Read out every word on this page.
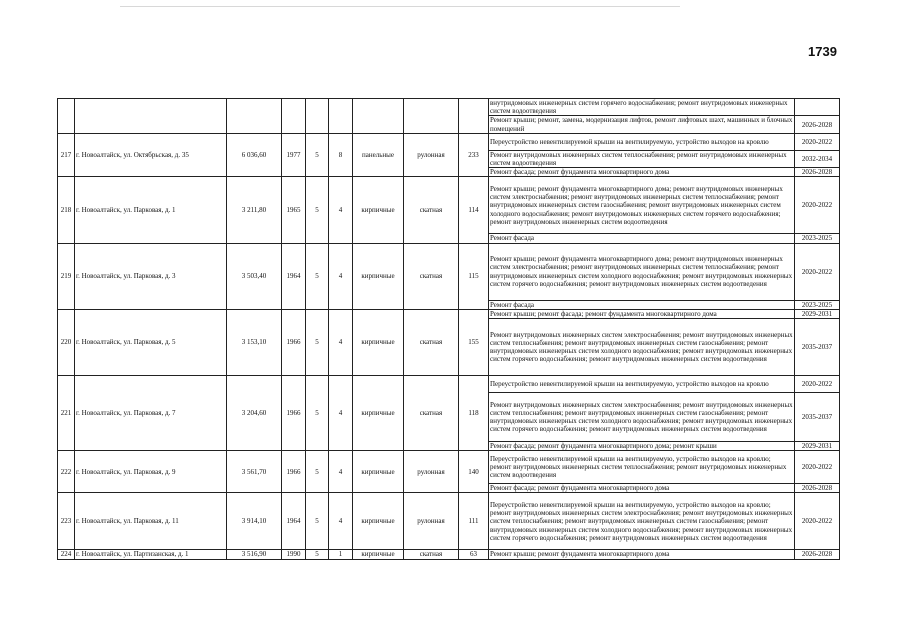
1739
									внутридомовых инженерных систем горячего водоснабжения; ремонт внутридомовых инженерных систем водоотведения	
									Ремонт крыши; ремонт, замена, модернизация лифтов, ремонт лифтовых шахт, машинных и блочных помещений	2026-2028
217	г. Новоалтайск, ул. Октябрьская, д. 35	6 036,60	1977	5	8	панельные	рулонная	233	Переустройство невентилируемой крыши на вентилируемую, устройство выходов на кровлю	2020-2022
									Ремонт внутридомовых инженерных систем теплоснабжения; ремонт внутридомовых инженерных систем водоотведения	2032-2034
									Ремонт фасада; ремонт фундамента многоквартирного дома	2026-2028
218	г. Новоалтайск, ул. Парковая, д. 1	3 211,80	1965	5	4	кирпичные	скатная	114	Ремонт крыши; ремонт фундамента многоквартирного дома; ремонт внутридомовых инженерных систем электроснабжения; ремонт внутридомовых инженерных систем теплоснабжения; ремонт внутридомовых инженерных систем газоснабжения; ремонт внутридомовых инженерных систем холодного водоснабжения; ремонт внутридомовых инженерных систем горячего водоснабжения; ремонт внутридомовых инженерных систем водоотведения	2020-2022
									Ремонт фасада	2023-2025
219	г. Новоалтайск, ул. Парковая, д. 3	3 503,40	1964	5	4	кирпичные	скатная	115	Ремонт крыши; ремонт фундамента многоквартирного дома; ремонт внутридомовых инженерных систем электроснабжения; ремонт внутридомовых инженерных систем теплоснабжения; ремонт внутридомовых инженерных систем холодного водоснабжения; ремонт внутридомовых инженерных систем горячего водоснабжения; ремонт внутридомовых инженерных систем водоотведения	2020-2022
									Ремонт фасада	2023-2025
220	г. Новоалтайск, ул. Парковая, д. 5	3 153,10	1966	5	4	кирпичные	скатная	155	Ремонт крыши; ремонт фасада; ремонт фундамента многоквартирного дома	2029-2031
									Ремонт внутридомовых инженерных систем электроснабжения; ремонт внутридомовых инженерных систем теплоснабжения; ремонт внутридомовых инженерных систем газоснабжения; ремонт внутридомовых инженерных систем холодного водоснабжения; ремонт внутридомовых инженерных систем горячего водоснабжения; ремонт внутридомовых инженерных систем водоотведения	2035-2037
221	г. Новоалтайск, ул. Парковая, д. 7	3 204,60	1966	5	4	кирпичные	скатная	118	Переустройство невентилируемой крыши на вентилируемую, устройство выходов на кровлю	2020-2022
									Ремонт внутридомовых инженерных систем электроснабжения; ремонт внутридомовых инженерных систем теплоснабжения; ремонт внутридомовых инженерных систем газоснабжения; ремонт внутридомовых инженерных систем холодного водоснабжения; ремонт внутридомовых инженерных систем горячего водоснабжения; ремонт внутридомовых инженерных систем водоотведения	2035-2037
									Ремонт фасада; ремонт фундамента многоквартирного дома; ремонт крыши	2029-2031
222	г. Новоалтайск, ул. Парковая, д. 9	3 561,70	1966	5	4	кирпичные	рулонная	140	Переустройство невентилируемой крыши на вентилируемую, устройство выходов на кровлю; ремонт внутридомовых инженерных систем теплоснабжения; ремонт внутридомовых инженерных систем водоотведения	2020-2022
									Ремонт фасада; ремонт фундамента многоквартирного дома	2026-2028
223	г. Новоалтайск, ул. Парковая, д. 11	3 914,10	1964	5	4	кирпичные	рулонная	111	Переустройство невентилируемой крыши на вентилируемую, устройство выходов на кровлю; ремонт внутридомовых инженерных систем электроснабжения; ремонт внутридомовых инженерных систем теплоснабжения; ремонт внутридомовых инженерных систем газоснабжения; ремонт внутридомовых инженерных систем холодного водоснабжения; ремонт внутридомовых инженерных систем горячего водоснабжения; ремонт внутридомовых инженерных систем водоотведения	2020-2022
224	г. Новоалтайск, ул. Партизанская, д. 1	3 516,90	1990	5	1	кирпичные	скатная	63	Ремонт крыши; ремонт фундамента многоквартирного дома	2026-2028
